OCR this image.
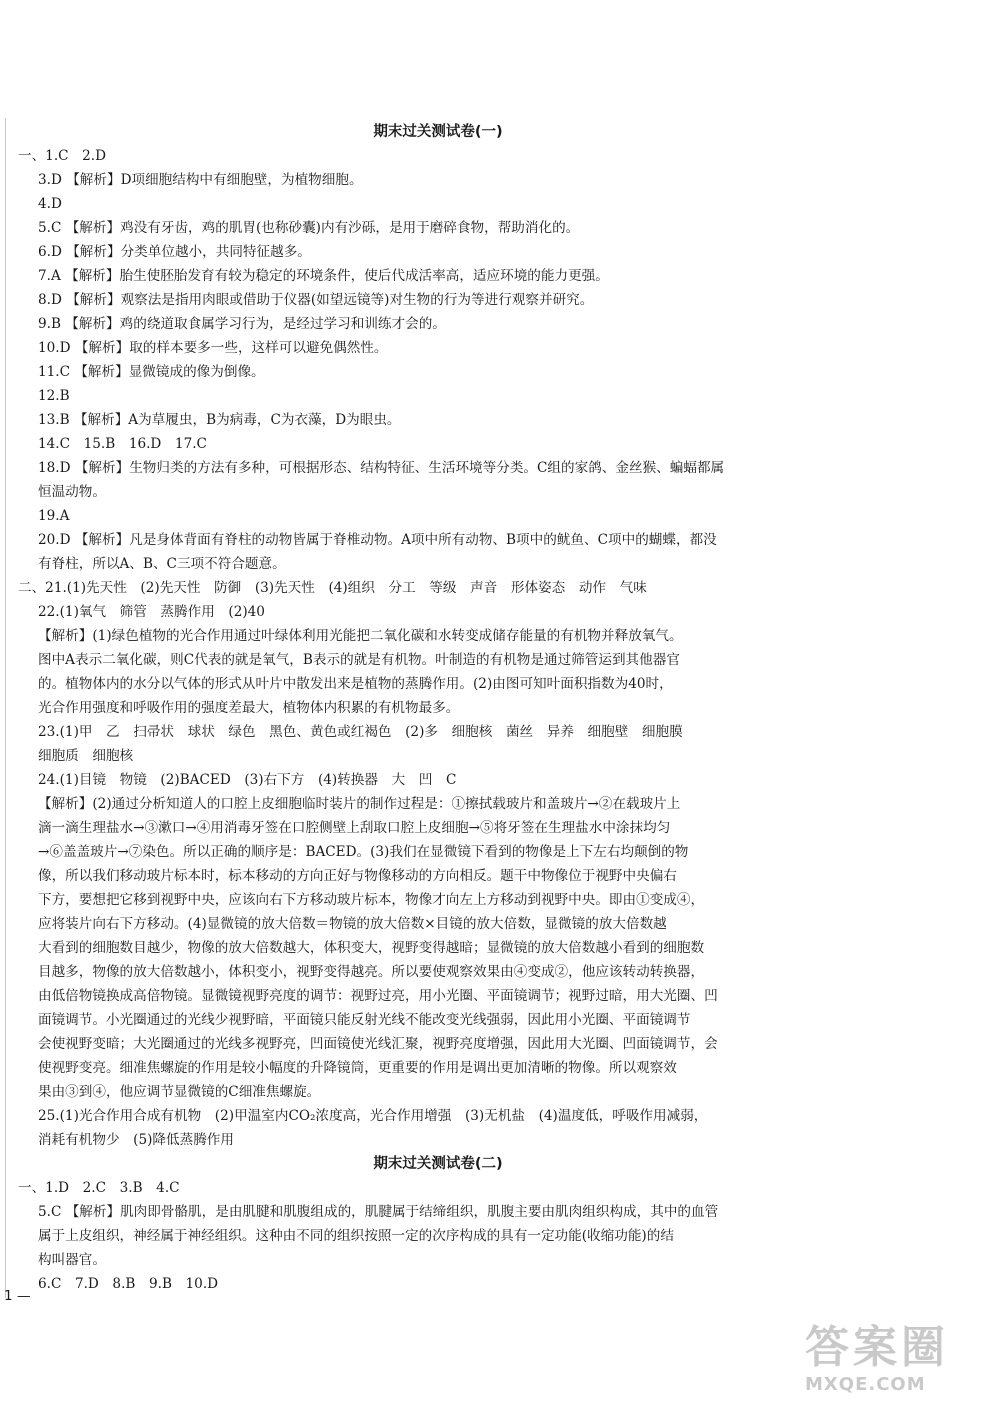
期末过关测试卷(一)
一、1.C　2.D
3.D 【解析】D项细胞结构中有细胞壁，为植物细胞。
4.D
5.C 【解析】鸡没有牙齿，鸡的肌胃(也称砂囊)内有沙砾，是用于磨碎食物，帮助消化的。
6.D 【解析】分类单位越小，共同特征越多。
7.A 【解析】胎生使胚胎发育有较为稳定的环境条件，使后代成活率高，适应环境的能力更强。
8.D 【解析】观察法是指用肉眼或借助于仪器(如望远镜等)对生物的行为等进行观察并研究。
9.B 【解析】鸡的绕道取食属学习行为，是经过学习和训练才会的。
10.D 【解析】取的样本要多一些，这样可以避免偶然性。
11.C 【解析】显微镜成的像为倒像。
12.B
13.B 【解析】A为草履虫，B为病毒，C为衣藻，D为眼虫。
14.C　15.B　16.D　17.C
18.D 【解析】生物归类的方法有多种，可根据形态、结构特征、生活环境等分类。C组的家鸽、金丝猴、蝙蝠都属
恒温动物。
19.A
20.D 【解析】凡是身体背面有脊柱的动物皆属于脊椎动物。A项中所有动物、B项中的鱿鱼、C项中的蝴蝶，都没
有脊柱，所以A、B、C三项不符合题意。
二、21.(1)先天性　(2)先天性　防御　(3)先天性　(4)组织　分工　等级　声音　形体姿态　动作　气味
22.(1)氧气　筛管　蒸腾作用　(2)40
【解析】(1)绿色植物的光合作用通过叶绿体利用光能把二氧化碳和水转变成储存能量的有机物并释放氧气。
图中A表示二氧化碳，则C代表的就是氧气，B表示的就是有机物。叶制造的有机物是通过筛管运到其他器官
的。植物体内的水分以气体的形式从叶片中散发出来是植物的蒸腾作用。(2)由图可知叶面积指数为40时，
光合作用强度和呼吸作用的强度差最大，植物体内积累的有机物最多。
23.(1)甲　乙　扫帚状　球状　绿色　黑色、黄色或红褐色　(2)多　细胞核　菌丝　异养　细胞壁　细胞膜
细胞质　细胞核
24.(1)目镜　物镜　(2)BACED　(3)右下方　(4)转换器　大　凹　C
【解析】(2)通过分析知道人的口腔上皮细胞临时装片的制作过程是：①擦拭载玻片和盖玻片→②在载玻片上
滴一滴生理盐水→③漱口→④用消毒牙签在口腔侧壁上刮取口腔上皮细胞→⑤将牙签在生理盐水中涂抹均匀
→⑥盖盖玻片→⑦染色。所以正确的顺序是：BACED。(3)我们在显微镜下看到的物像是上下左右均颠倒的物
像，所以我们移动玻片标本时，标本移动的方向正好与物像移动的方向相反。题干中物像位于视野中央偏右
下方，要想把它移到视野中央，应该向右下方移动玻片标本，物像才向左上方移动到视野中央。即由①变成④，
应将装片向右下方移动。(4)显微镜的放大倍数＝物镜的放大倍数×目镜的放大倍数，显微镜的放大倍数越
大看到的细胞数目越少，物像的放大倍数越大，体积变大，视野变得越暗；显微镜的放大倍数越小看到的细胞数
目越多，物像的放大倍数越小，体积变小，视野变得越亮。所以要使观察效果由④变成②，他应该转动转换器，
由低倍物镜换成高倍物镜。显微镜视野亮度的调节：视野过亮，用小光圈、平面镜调节；视野过暗，用大光圈、凹
面镜调节。小光圈通过的光线少视野暗，平面镜只能反射光线不能改变光线强弱，因此用小光圈、平面镜调节
会使视野变暗；大光圈通过的光线多视野亮，凹面镜使光线汇聚，视野亮度增强，因此用大光圈、凹面镜调节，会
使视野变亮。细准焦螺旋的作用是较小幅度的升降镜筒，更重要的作用是调出更加清晰的物像。所以观察效
果由③到④，他应调节显微镜的C细准焦螺旋。
25.(1)光合作用合成有机物　(2)甲温室内CO₂浓度高，光合作用增强　(3)无机盐　(4)温度低，呼吸作用减弱，
消耗有机物少　(5)降低蒸腾作用
期末过关测试卷(二)
一、1.D　2.C　3.B　4.C
5.C 【解析】肌肉即骨骼肌，是由肌腱和肌腹组成的，肌腱属于结缔组织，肌腹主要由肌肉组织构成，其中的血管
属于上皮组织，神经属于神经组织。这种由不同的组织按照一定的次序构成的具有一定功能(收缩功能)的结
构叫器官。
6.C　7.D　8.B　9.B　10.D
1 —
答案圈
MXQE.COM
